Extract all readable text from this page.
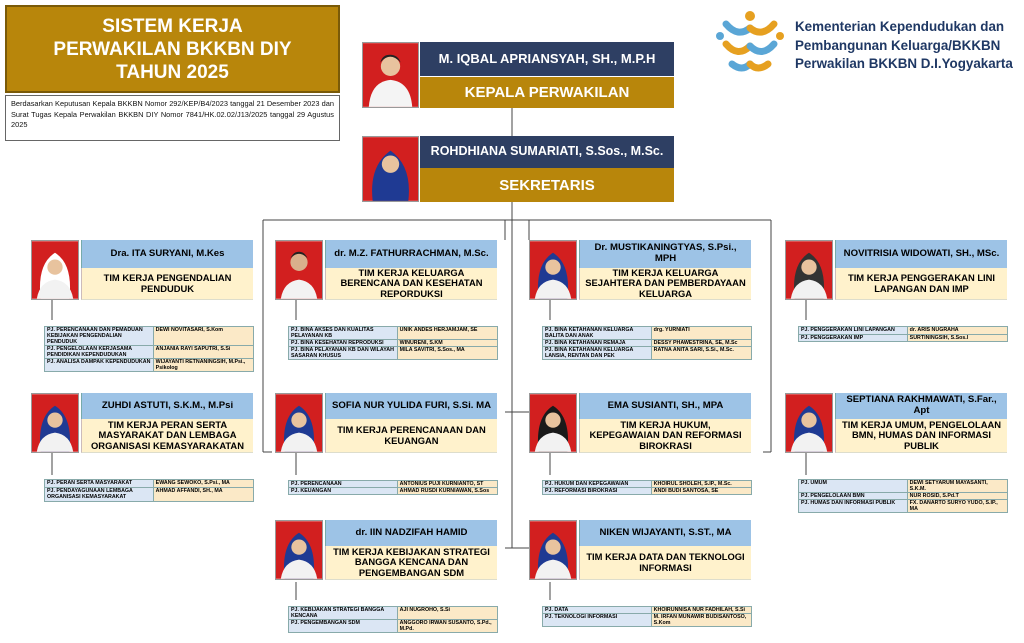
SISTEM KERJA
PERWAKILAN BKKBN DIY
TAHUN 2025
Berdasarkan Keputusan Kepala BKKBN Nomor 292/KEP/B4/2023 tanggal 21 Desember 2023 dan Surat Tugas Kepala Perwakilan BKKBN DIY Nomor 7841/HK.02.02/J13/2025 tanggal 29 Agustus 2025
Kementerian Kependudukan dan
Pembangunan Keluarga/BKKBN
Perwakilan BKKBN D.I.Yogyakarta
M. IQBAL APRIANSYAH, SH., M.P.H
KEPALA PERWAKILAN
ROHDHIANA SUMARIATI, S.Sos., M.Sc.
SEKRETARIS
Dra. ITA SURYANI, M.Kes
TIM KERJA PENGENDALIAN PENDUDUK
PJ. PERENCANAAN DAN PEMADUAN KEBIJAKAN PENGENDALIAN PENDUDUK	DEWI NOVITASARI, S.Kom
PJ. PENGELOLAAN KERJASAMA PENDIDIKAN KEPENDUDUKAN	ANJANIA RAYI SAPUTRI, S.Si
PJ. ANALISA DAMPAK KEPENDUDUKAN	WIJAYANTI RETNANINGSIH, M.Psi., Psikolog
dr. M.Z. FATHURRACHMAN, M.Sc.
TIM KERJA KELUARGA BERENCANA DAN KESEHATAN REPORDUKSI
PJ. BINA AKSES DAN KUALITAS PELAYANAN KB	UNIK ANDES HERJAMJAM, SE
PJ. BINA KESEHATAN REPRODUKSI	WINURENI, S.KM
PJ. BINA PELAYANAN KB DAN WILAYAH SASARAN KHUSUS	MILA SAVITRI, S.Sos., MA
Dr. MUSTIKANINGTYAS, S.Psi., MPH
TIM KERJA KELUARGA SEJAHTERA DAN PEMBERDAYAAN KELUARGA
PJ. BINA KETAHANAN KELUARGA BALITA DAN ANAK	drg. YURNIATI
PJ. BINA KETAHANAN REMAJA	DESSY PHAWESTRINA, SE, M.Sc
PJ. BINA KETAHANAN KELUARGA LANSIA, RENTAN DAN PEK	RATNA ANITA SARI, S.Si., M.Sc.
NOVITRISIA WIDOWATI, SH., MSc.
TIM KERJA PENGGERAKAN LINI LAPANGAN DAN IMP
PJ. PENGGERAKAN LINI LAPANGAN	dr. ARIS NUGRAHA
PJ. PENGGERAKAN IMP	SURTININGSIH, S.Sos.I
ZUHDI ASTUTI, S.K.M., M.Psi
TIM KERJA PERAN SERTA MASYARAKAT DAN LEMBAGA ORGANISASI KEMASYARAKATAN
PJ. PERAN SERTA MASYARAKAT	EWANG SEWOKO, S.Psi., MA
PJ. PENDAYAGUNAAN LEMBAGA ORGANISASI KEMASYARAKAT	AHMAD AFFANDI, SH., MA
SOFIA NUR YULIDA FURI, S.Si. MA
TIM KERJA PERENCANAAN DAN KEUANGAN
PJ. PERENCANAAN	ANTONIUS PUJI KURNIANTO, ST
PJ. KEUANGAN	AHMAD RUSDI KURNIAWAN, S.Sos
EMA SUSIANTI, SH., MPA
TIM KERJA HUKUM, KEPEGAWAIAN DAN REFORMASI BIROKRASI
PJ. HUKUM DAN KEPEGAWAIAN	KHOIRUL SHOLEH, S.IP., M.Sc.
PJ. REFORMASI BIROKRASI	ANDI BUDI SANTOSA, SE
SEPTIANA RAKHMAWATI, S.Far., Apt
TIM KERJA UMUM, PENGELOLAAN BMN, HUMAS DAN INFORMASI PUBLIK
PJ. UMUM	DEWI SETYARUM MAYASANTI, S.K.M.
PJ. PENGELOLAAN BMN	NUR ROSID, S.Pd.T
PJ. HUMAS DAN INFORMASI PUBLIK	FX. DANARTO SURYO YUDO, S.IP., MA
dr. IIN NADZIFAH HAMID
TIM KERJA KEBIJAKAN STRATEGI BANGGA KENCANA DAN PENGEMBANGAN SDM
PJ. KEBIJAKAN STRATEGI BANGGA KENCANA	AJI NUGROHO, S.Si
PJ. PENGEMBANGAN SDM	ANGGORO IRWAN SUSANTO, S.Pd., M.Pd.
NIKEN WIJAYANTI, S.ST., MA
TIM KERJA DATA DAN TEKNOLOGI INFORMASI
PJ. DATA	KHOIRUNNISA NUR FADHILAH, S.Si
PJ. TEKNOLOGI INFORMASI	M. IRFAN MUNAWIR BUDISANTOSO, S.Kom
